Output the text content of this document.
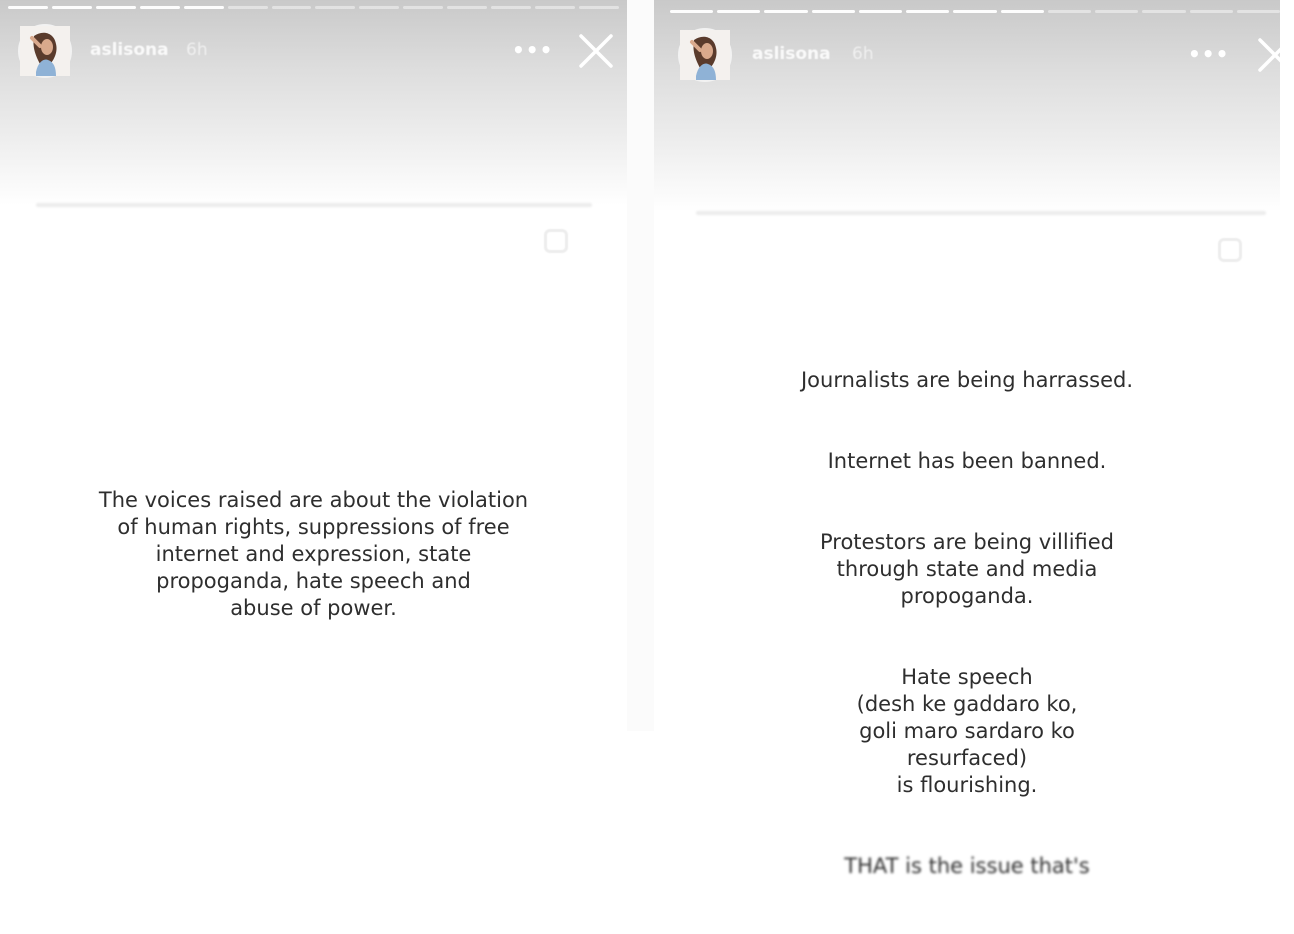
aslisona 6h	•••
The voices raised are about the violation
of human rights, suppressions of free
internet and expression, state
propoganda, hate speech and
abuse of power.
aslisona 6h	•••

Journalists are being harrassed.

Internet has been banned.

Protestors are being villified
through state and media
propoganda.

Hate speech
(desh ke gaddaro ko,
goli maro sardaro ko
resurfaced)
is flourishing.

THAT is the issue that's
